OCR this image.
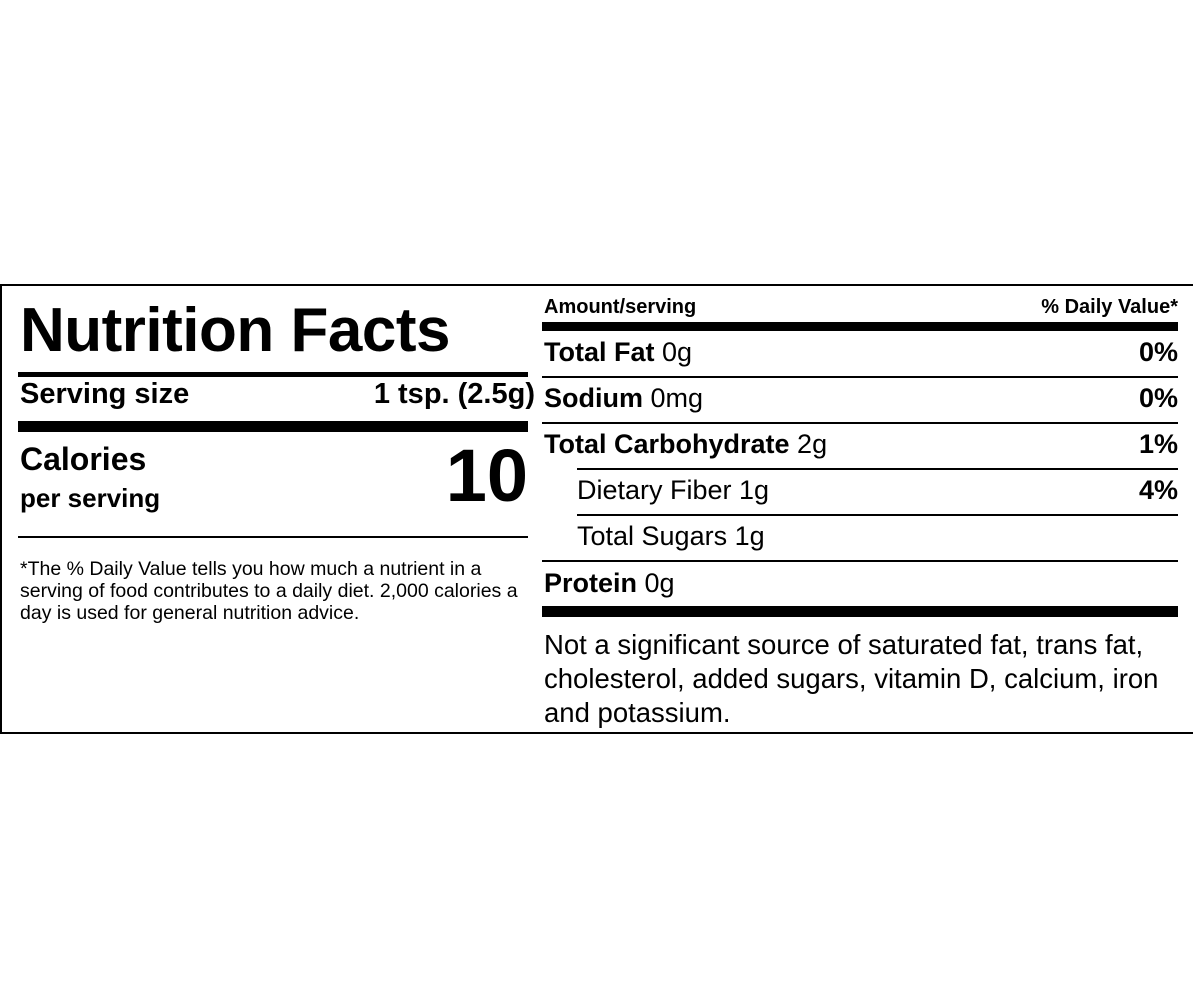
Nutrition Facts
Serving size	1 tsp. (2.5g)
Calories
per serving	10
*The % Daily Value tells you how much a nutrient in a serving of food contributes to a daily diet. 2,000 calories a day is used for general nutrition advice.
Amount/serving	% Daily Value*
Total Fat 0g	0%
Sodium 0mg	0%
Total Carbohydrate 2g	1%
Dietary Fiber 1g	4%
Total Sugars 1g
Protein 0g
Not a significant source of saturated fat, trans fat, cholesterol, added sugars, vitamin D, calcium, iron and potassium.
